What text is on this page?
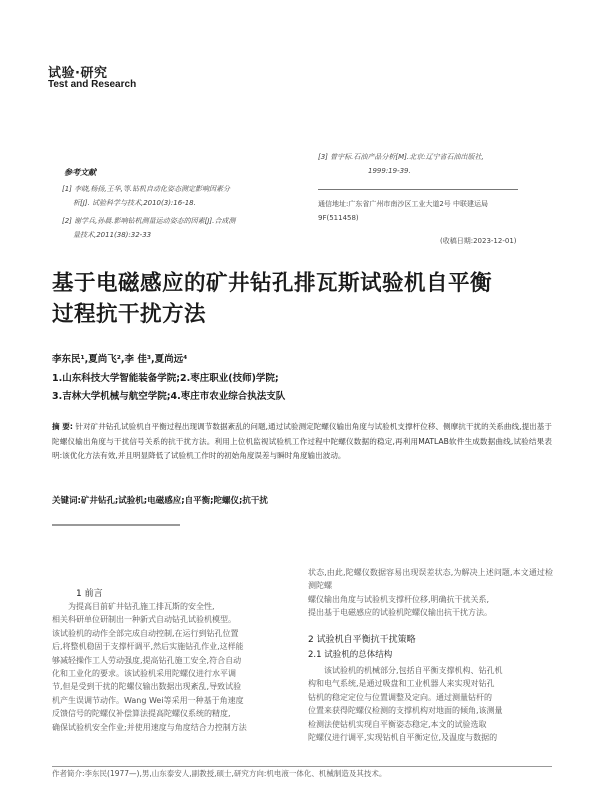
试验·研究
Test and Research
参考文献
[1] 李晓,杨扬,王华,等.钻机自动化姿态测定影响因素分
析[J]. 试验科学与技术,2010(3):16-18.
[2] 谢学兵,孙晨.影响钻机测量运动姿态的因素[J].合成测
量技术,2011(38):32-33
[3] 曾宇标.石油产品分析[M].北京:辽宁省石油出版社,
1999:19-39.
通信地址:广东省广州市南沙区工业大道2号 中联建运局
9F(511458)
(收稿日期:2023-12-01)
基于电磁感应的矿井钻孔排瓦斯试验机自平衡
过程抗干扰方法
李东民¹,夏尚飞²,李 佳³,夏尚远⁴
1.山东科技大学智能装备学院;2.枣庄职业(技师)学院;
3.吉林大学机械与航空学院;4.枣庄市农业综合执法支队
摘 要: 针对矿井钻孔试验机自平衡过程出现调节数据紊乱的问题,通过试验测定陀螺仪输出角度与试验机支撑杆位移、侧摩抗干扰的关系曲线,提出基于陀螺仪输出角度与干扰信号关系的抗干扰方法。利用上位机监视试验机工作过程中陀螺仪数据的稳定,再利用MATLAB软件生成数据曲线,试验结果表明:该优化方法有效,并且明显降低了试验机工作时的初始角度误差与瞬时角度输出波动。
关键词:矿井钻孔;试验机;电磁感应;自平衡;陀螺仪;抗干扰
1 前言
为提高目前矿井钻孔施工排瓦斯的安全性,
相关科研单位研制出一种新式自动钻孔试验机模型。
该试验机的动作全部完成自动控制,在运行到钻孔位置
后,将整机稳固于支撑杆调平,然后实施钻孔作业,这样能
够减轻操作工人劳动强度,提高钻孔施工安全,符合自动
化和工业化的要求。该试验机采用陀螺仪进行水平调
节,但是受到干扰的陀螺仪输出数据出现紊乱,导致试验
机产生误调节动作。Wang Wei等采用一种基于角速度
反馈信号的陀螺仪补偿算法提高陀螺仪系统的精度,
确保试验机安全作业;并使用速度与角度结合力控制方法
状态,由此,陀螺仪数据容易出现误差状态,为解决上述问题,本文通过检测陀螺
螺仪输出角度与试验机支撑杆位移,明确抗干扰关系,
提出基于电磁感应的试验机陀螺仪输出抗干扰方法。
2 试验机自平衡抗干扰策略
2.1 试验机的总体结构
该试验机的机械部分,包括自平衡支撑机构、钻孔机
构和电气系统,是通过吸盘和工业机器人来实现对钻孔
钻机的稳定定位与位置调整及定向。通过测量钻杆的
位置来获得陀螺仪检测的支撑机构对地面的倾角,该测量
检测法使钻机实现自平衡姿态稳定,本文的试验选取
陀螺仪进行调平,实现钻机自平衡定位,及温度与数据的
作者简介:李东民(1977—),男,山东泰安人,副教授,硕士,研究方向:机电液一体化、机械制造及其技术。
